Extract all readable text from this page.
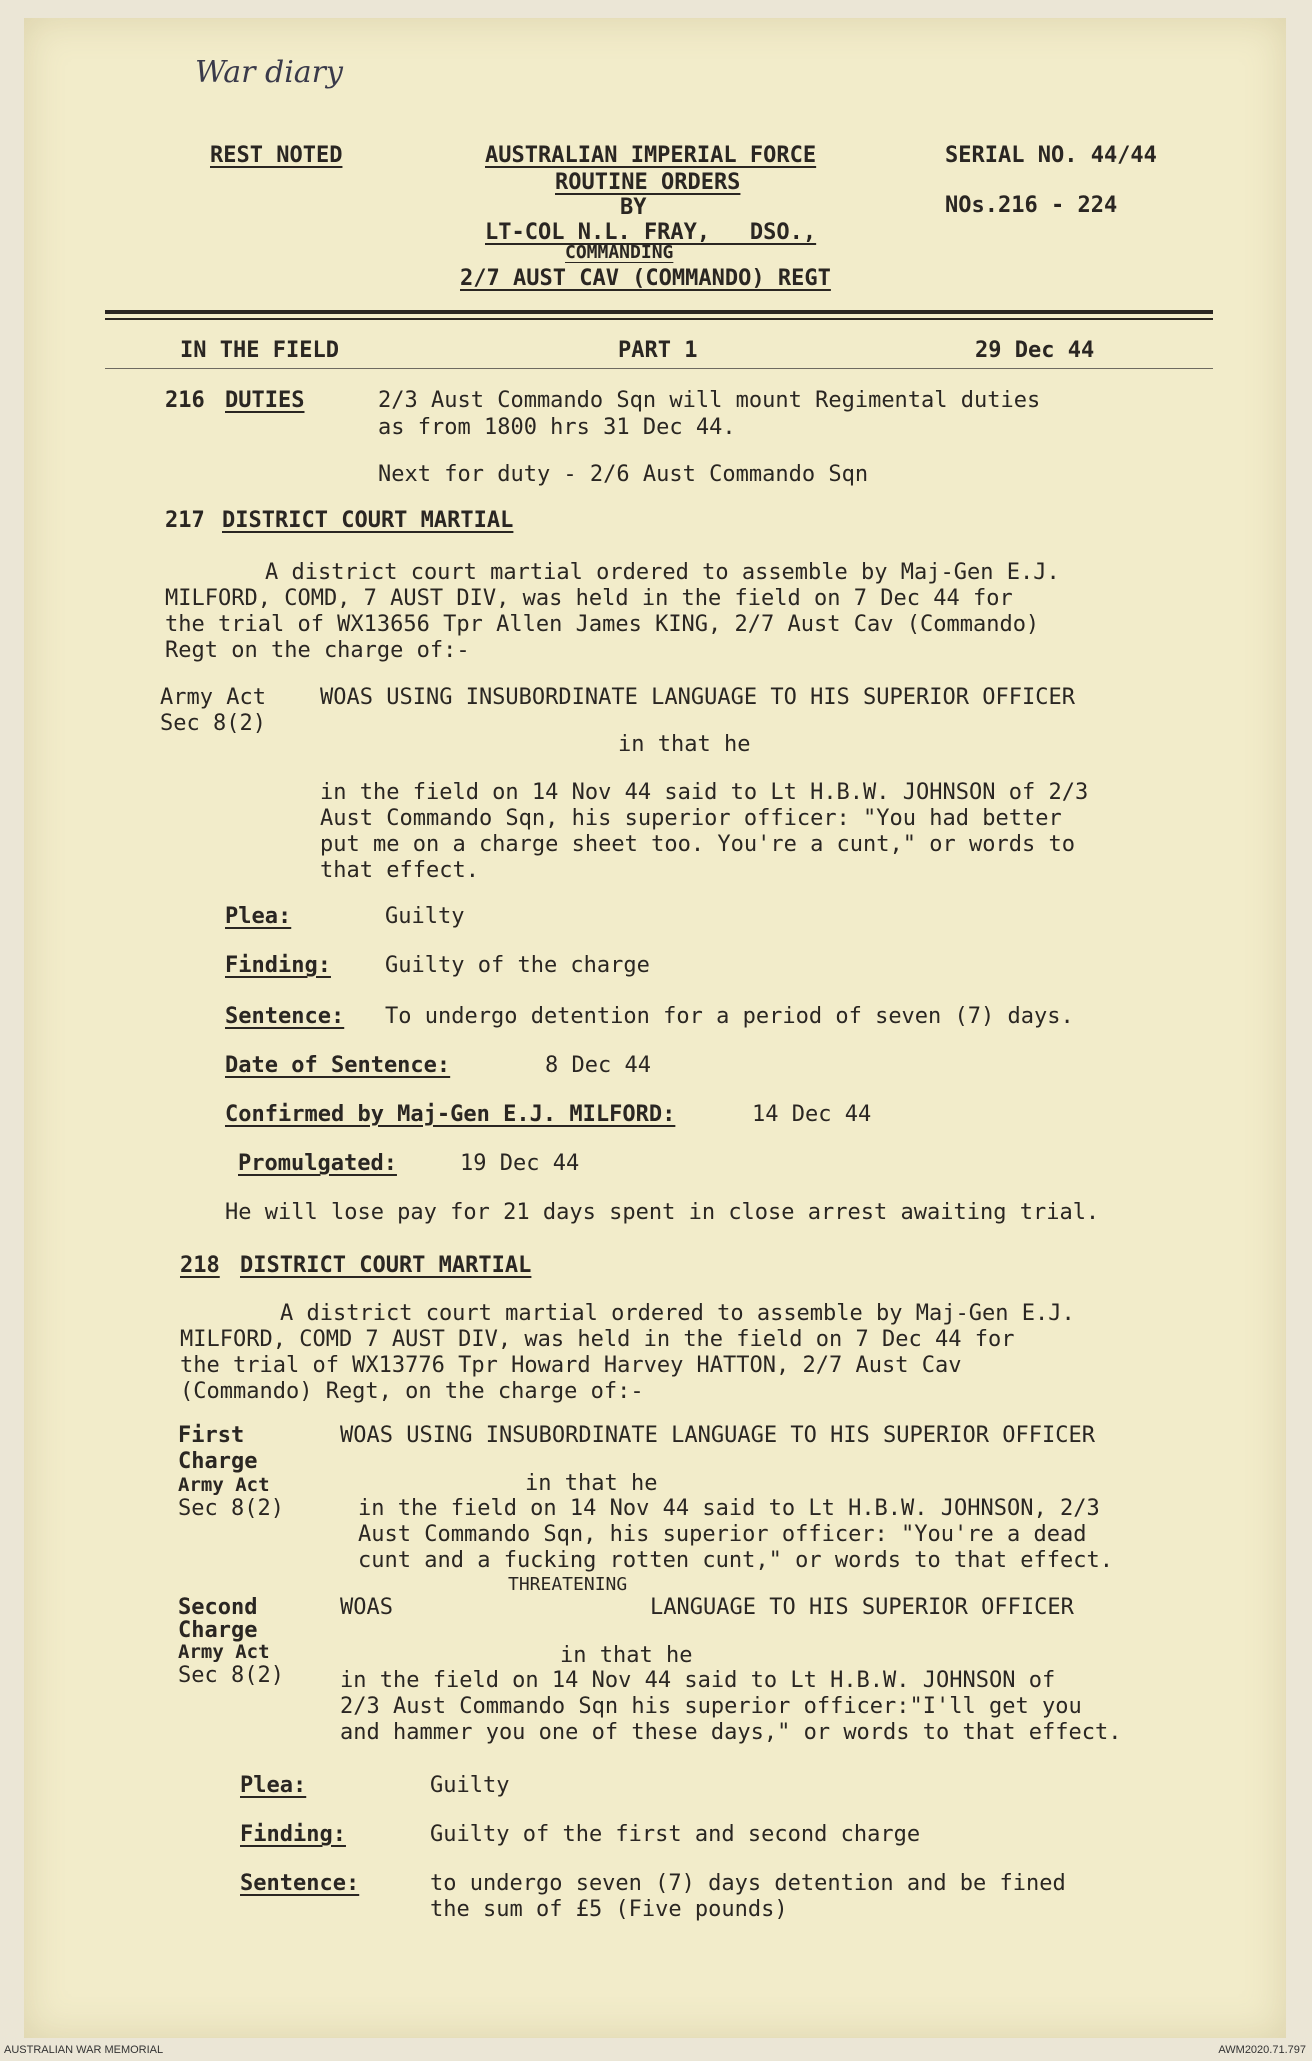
War diary
REST NOTED	AUSTRALIAN IMPERIAL FORCE
ROUTINE ORDERS
BY
LT-COL N.L. FRAY,   DSO.,
COMMANDING
2/7 AUST CAV (COMMANDO) REGT
SERIAL NO. 44/44
NOs.216 - 224
IN THE FIELD	PART 1	29 Dec 44
216 DUTIES	2/3 Aust Commando Sqn will mount Regimental duties
as from 1800 hrs 31 Dec 44.
Next for duty - 2/6 Aust Commando Sqn
217 DISTRICT COURT MARTIAL
A district court martial ordered to assemble by Maj-Gen E.J.
MILFORD, COMD, 7 AUST DIV, was held in the field on 7 Dec 44 for
the trial of WX13656 Tpr Allen James KING, 2/7 Aust Cav (Commando)
Regt on the charge of:-
Army Act
Sec 8(2)
WOAS USING INSUBORDINATE LANGUAGE TO HIS SUPERIOR OFFICER
in that he
in the field on 14 Nov 44 said to Lt H.B.W. JOHNSON of 2/3
Aust Commando Sqn, his superior officer: "You had better
put me on a charge sheet too. You're a cunt," or words to
that effect.
Plea:	Guilty
Finding: Guilty of the charge
Sentence: To undergo detention for a period of seven (7) days.
Date of Sentence:	8 Dec 44
Confirmed by Maj-Gen E.J. MILFORD:	14 Dec 44
Promulgated:	19 Dec 44
He will lose pay for 21 days spent in close arrest awaiting trial.
218 DISTRICT COURT MARTIAL
A district court martial ordered to assemble by Maj-Gen E.J.
MILFORD, COMD 7 AUST DIV, was held in the field on 7 Dec 44 for
the trial of WX13776 Tpr Howard Harvey HATTON, 2/7 Aust Cav
(Commando) Regt, on the charge of:-
First
Charge
Army Act
Sec 8(2)
WOAS USING INSUBORDINATE LANGUAGE TO HIS SUPERIOR OFFICER
in that he
in the field on 14 Nov 44 said to Lt H.B.W. JOHNSON, 2/3
Aust Commando Sqn, his superior officer: "You're a dead
cunt and a fucking rotten cunt," or words to that effect.
THREATENING
Second
Charge
Army Act
Sec 8(2)
WOAS	LANGUAGE TO HIS SUPERIOR OFFICER
in that he
in the field on 14 Nov 44 said to Lt H.B.W. JOHNSON of
2/3 Aust Commando Sqn his superior officer:"I'll get you
and hammer you one of these days," or words to that effect.
Plea:	Guilty
Finding:	Guilty of the first and second charge
Sentence:	to undergo seven (7) days detention and be fined
the sum of £5 (Five pounds)
AUSTRALIAN WAR MEMORIAL	AWM2020.71.797
